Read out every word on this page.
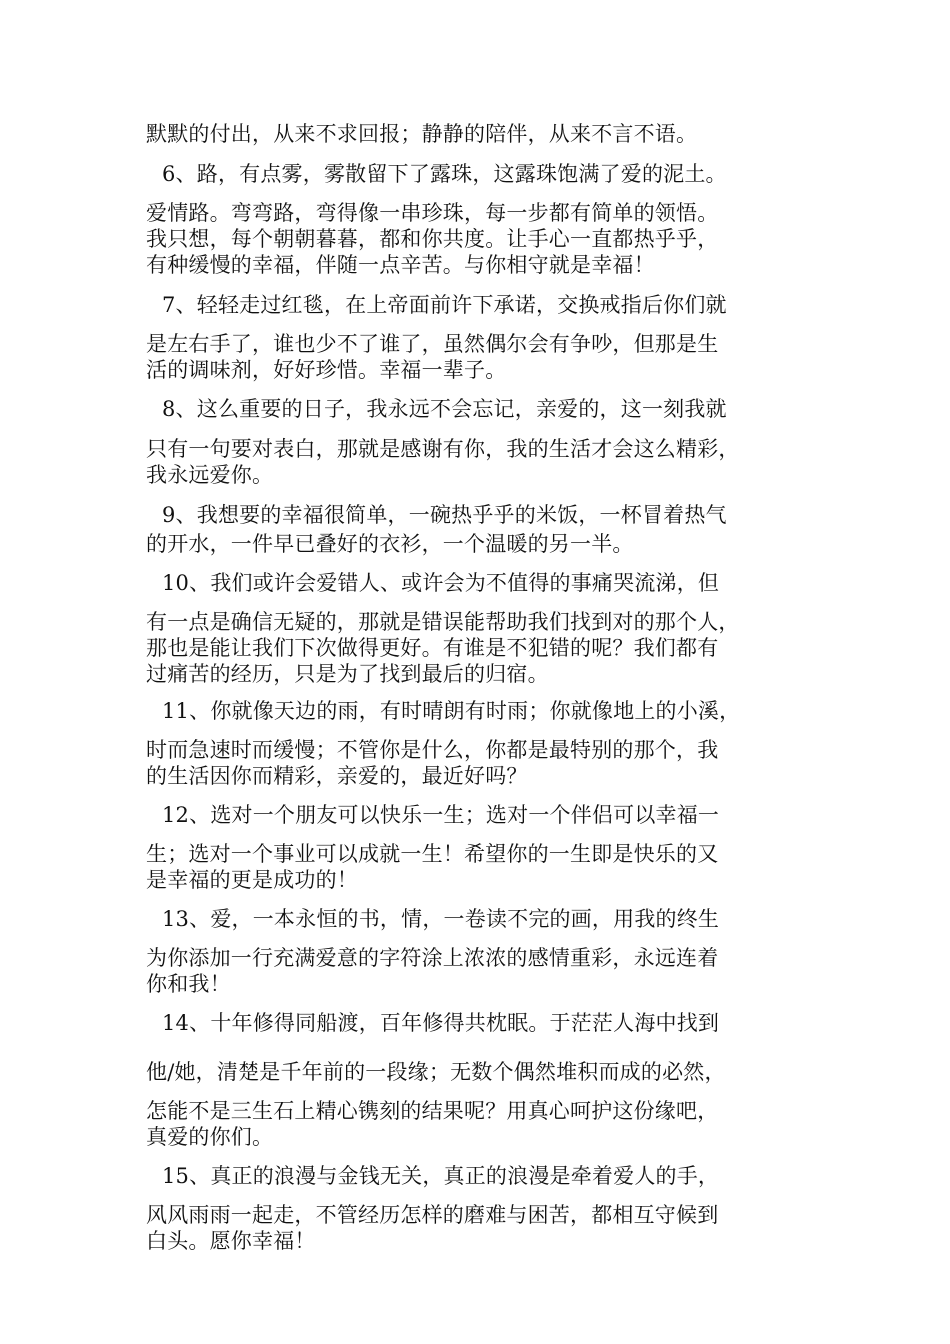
默默的付出，从来不求回报；静静的陪伴，从来不言不语。
6、路，有点雾，雾散留下了露珠，这露珠饱满了爱的泥土。
爱情路。弯弯路，弯得像一串珍珠，每一步都有简单的领悟。
我只想，每个朝朝暮暮，都和你共度。让手心一直都热乎乎，
有种缓慢的幸福，伴随一点辛苦。与你相守就是幸福！
7、轻轻走过红毯，在上帝面前许下承诺，交换戒指后你们就
是左右手了，谁也少不了谁了，虽然偶尔会有争吵，但那是生
活的调味剂，好好珍惜。幸福一辈子。
8、这么重要的日子，我永远不会忘记，亲爱的，这一刻我就
只有一句要对表白，那就是感谢有你，我的生活才会这么精彩，
我永远爱你。
9、我想要的幸福很简单，一碗热乎乎的米饭，一杯冒着热气
的开水，一件早已叠好的衣衫，一个温暖的另一半。
10、我们或许会爱错人、或许会为不值得的事痛哭流涕，但
有一点是确信无疑的，那就是错误能帮助我们找到对的那个人，
那也是能让我们下次做得更好。有谁是不犯错的呢？我们都有
过痛苦的经历，只是为了找到最后的归宿。
11、你就像天边的雨，有时晴朗有时雨；你就像地上的小溪，
时而急速时而缓慢；不管你是什么，你都是最特别的那个，我
的生活因你而精彩，亲爱的，最近好吗？
12、选对一个朋友可以快乐一生；选对一个伴侣可以幸福一
生；选对一个事业可以成就一生！希望你的一生即是快乐的又
是幸福的更是成功的！
13、爱，一本永恒的书，情，一卷读不完的画，用我的终生
为你添加一行充满爱意的字符涂上浓浓的感情重彩，永远连着
你和我！
14、十年修得同船渡，百年修得共枕眠。于茫茫人海中找到
他/她，清楚是千年前的一段缘；无数个偶然堆积而成的必然，
怎能不是三生石上精心镌刻的结果呢？用真心呵护这份缘吧，
真爱的你们。
15、真正的浪漫与金钱无关，真正的浪漫是牵着爱人的手，
风风雨雨一起走，不管经历怎样的磨难与困苦，都相互守候到
白头。愿你幸福！
